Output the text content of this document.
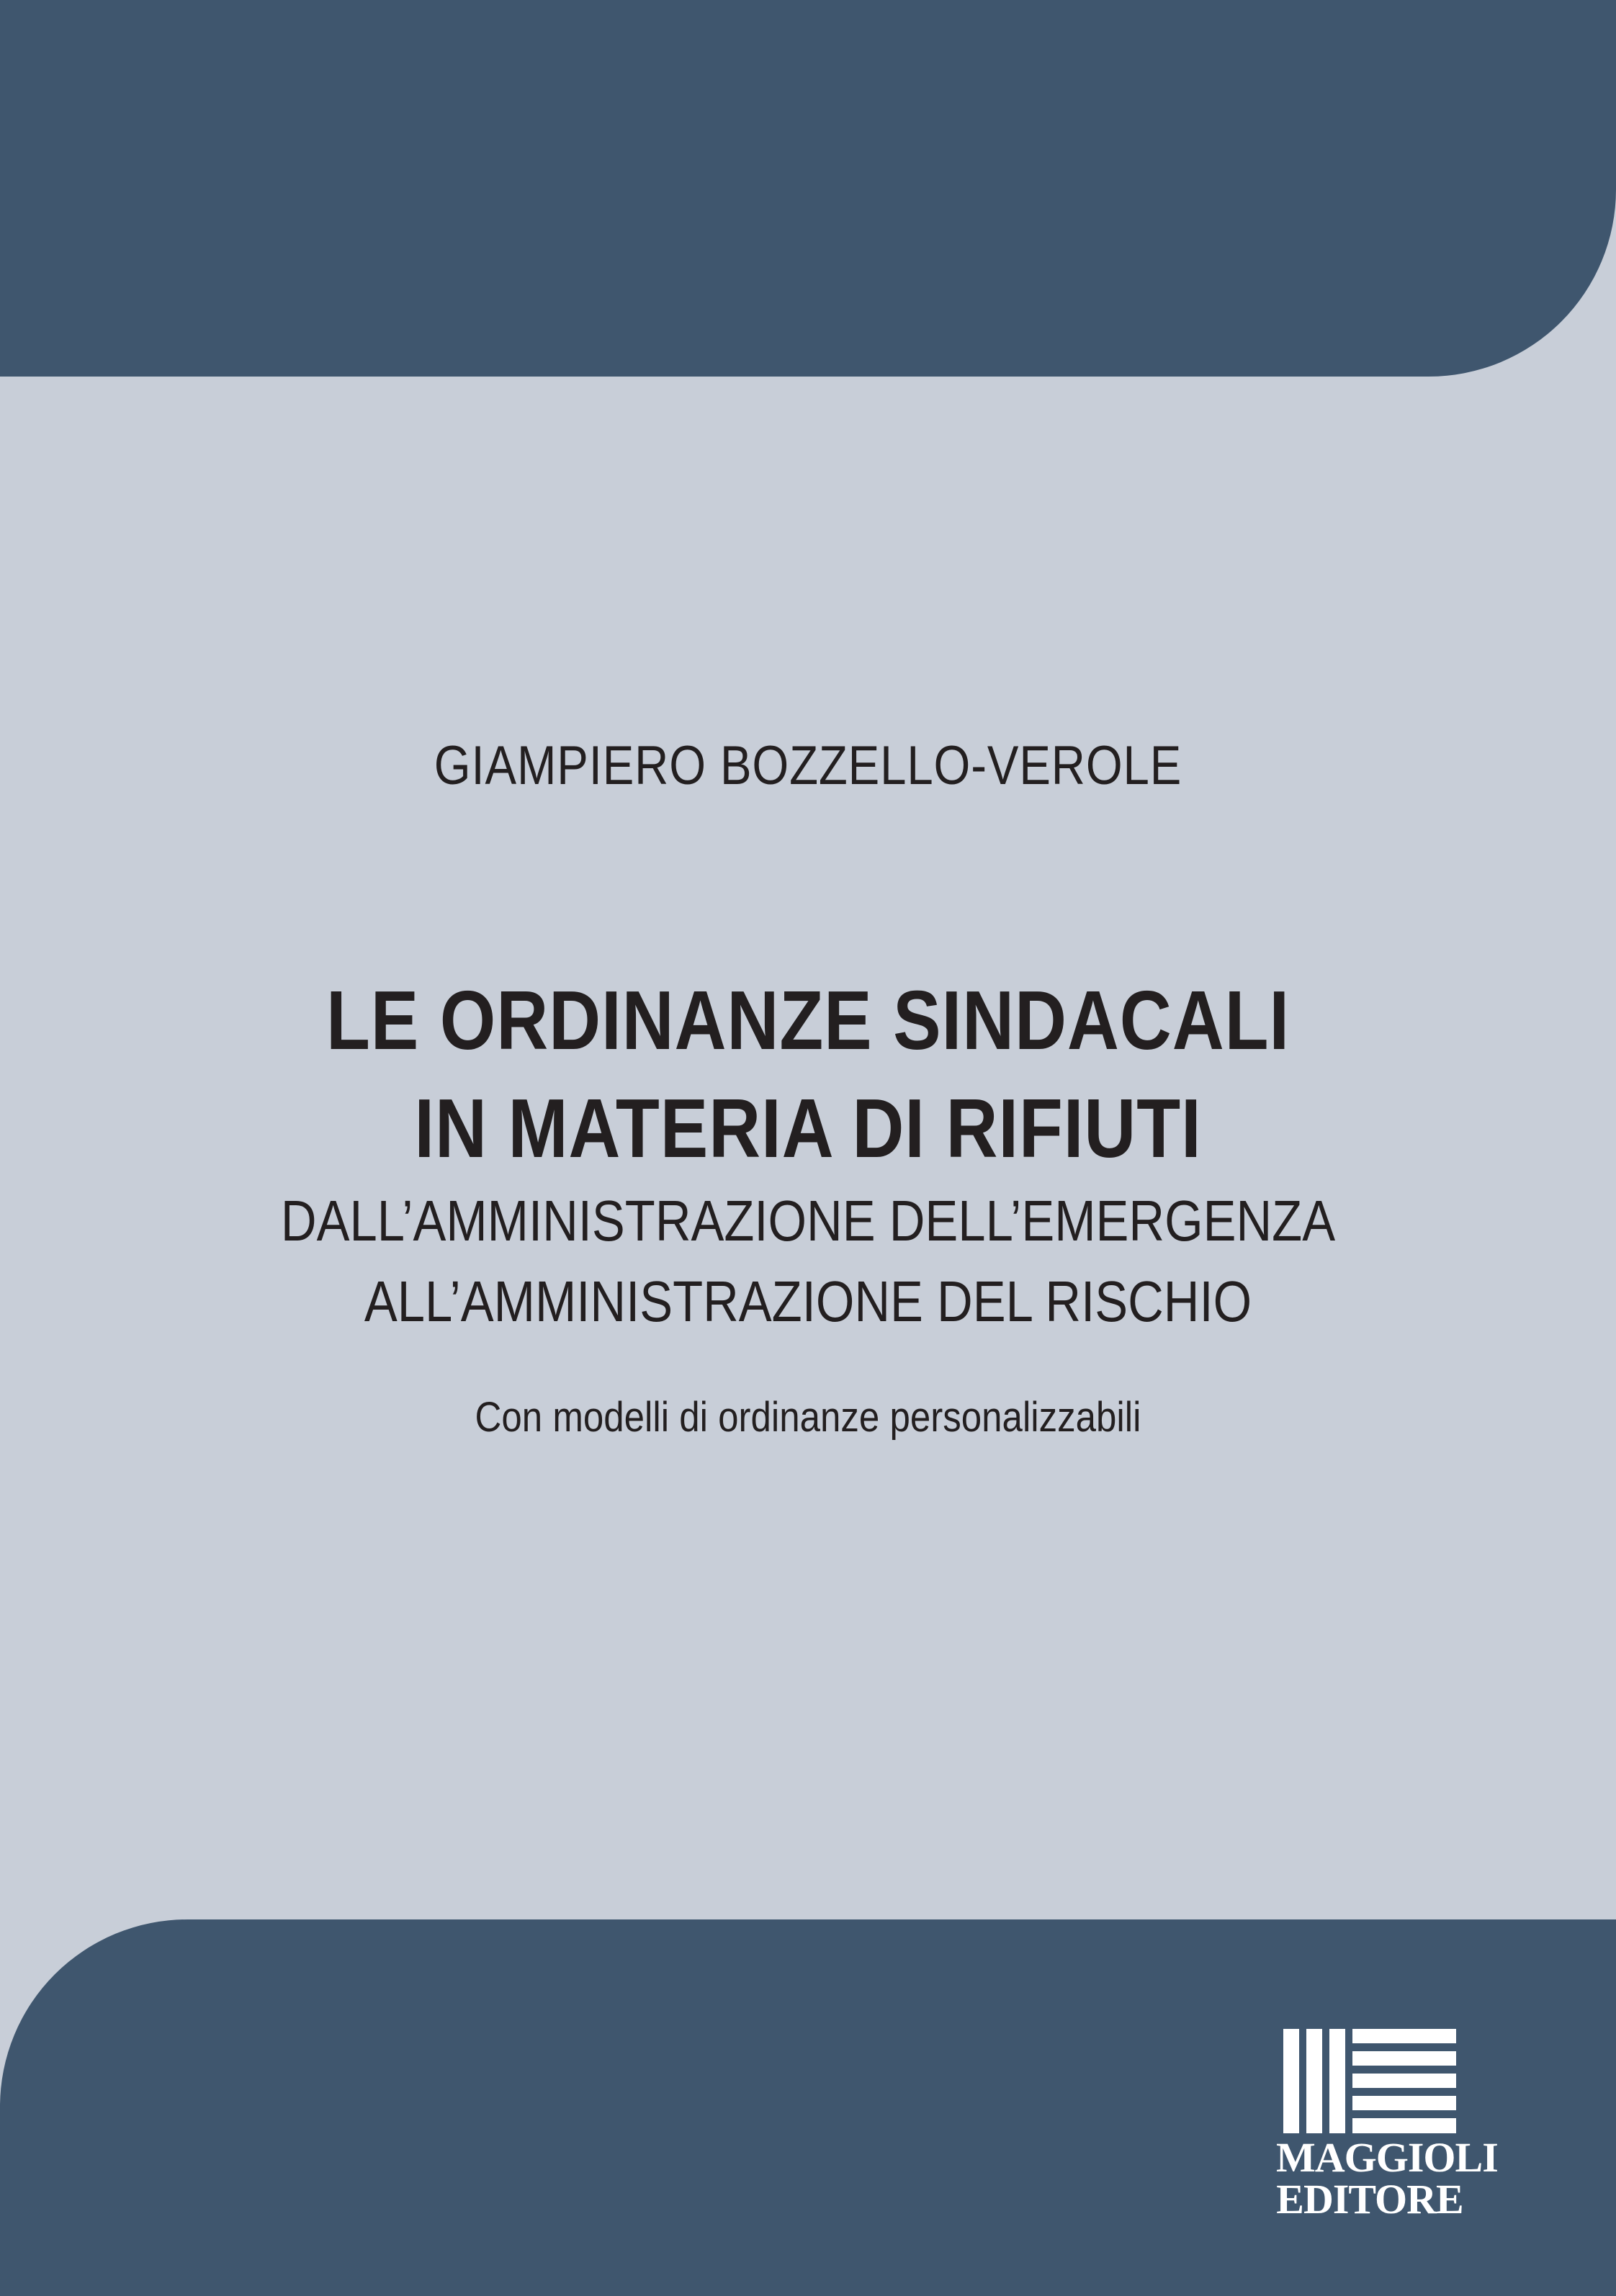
GIAMPIERO BOZZELLO-VEROLE
LE ORDINANZE SINDACALI
IN MATERIA DI RIFIUTI
DALL’AMMINISTRAZIONE DELL’EMERGENZA
ALL’AMMINISTRAZIONE DEL RISCHIO
Con modelli di ordinanze personalizzabili
MAGGIOLI
EDITORE
